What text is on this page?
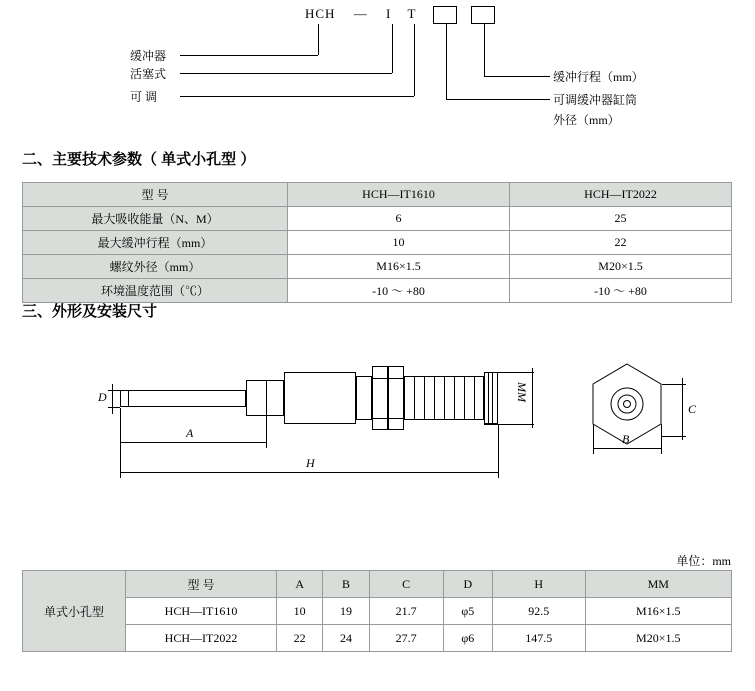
HCH — I T
缓冲器
活塞式
可 调
缓冲行程（mm）
可调缓冲器缸筒
外径（mm）
二、主要技术参数（ 单式小孔型 ）
型 号	HCH—IT1610	HCH—IT2022
最大吸收能量（N、M）	6	25
最大缓冲行程（mm）	10	22
螺纹外径（mm）	M16×1.5	M20×1.5
环境温度范围（℃）	-10 ～ +80	-10 ～ +80
三、外形及安装尺寸
D
A
H
MM
C
B
单位：mm
单式小孔型	型 号	A	B	C	D	H	MM
	HCH—IT1610	10	19	21.7	φ5	92.5	M16×1.5
	HCH—IT2022	22	24	27.7	φ6	147.5	M20×1.5
